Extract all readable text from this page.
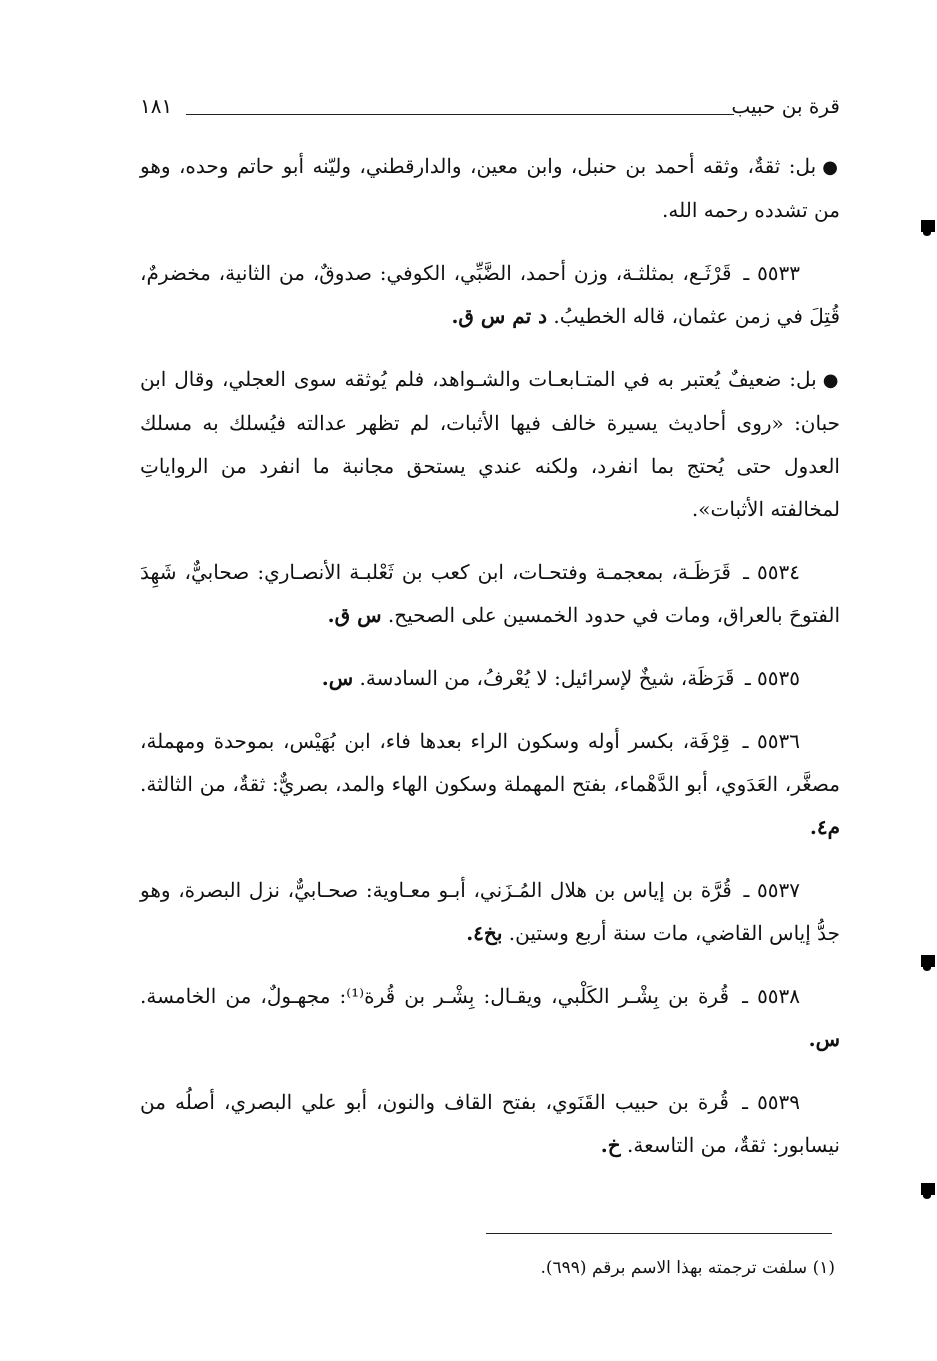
١٨١	قرة بن حبيب

●بل: ثقةٌ، وثقه أحمد بن حنبل، وابن معين، والدارقطني، وليّنه أبو حاتم وحده، وهو من تشدده رحمه الله.

٥٥٣٣ ـ قَرْثَـع، بمثلثـة، وزن أحمد، الضَّبِّي، الكوفي: صدوقٌ، من الثانية، مخضرمٌ، قُتِلَ في زمن عثمان، قاله الخطيبُ. د تم س ق.

●بل: ضعيفٌ يُعتبر به في المتـابعـات والشـواهد، فلم يُوثقه سوى العجلي، وقال ابن حبان: «روى أحاديث يسيرة خالف فيها الأثبات، لم تظهر عدالته فيُسلك به مسلك العدول حتى يُحتج بما انفرد، ولكنه عندي يستحق مجانبة ما انفرد من الرواياتِ لمخالفته الأثبات».

٥٥٣٤ ـ قَرَظَـة، بمعجمـة وفتحـات، ابن كعب بن ثَعْلبـة الأنصـاري: صحابيٌّ، شَهِدَ الفتوحَ بالعراق، ومات في حدود الخمسين على الصحيح. س ق.

٥٥٣٥ ـ قَرَظَة، شيخٌ لإسرائيل: لا يُعْرفُ، من السادسة. س.

٥٥٣٦ ـ قِرْفَة، بكسر أوله وسكون الراء بعدها فاء، ابن بُهَيْس، بموحدة ومهملة، مصغَّر، العَدَوي، أبو الدَّهْماء، بفتح المهملة وسكون الهاء والمد، بصريٌّ: ثقةٌ، من الثالثة. م٤.

٥٥٣٧ ـ قُرَّة بن إياس بن هلال المُـزَني، أبـو معـاوية: صحـابيٌّ، نزل البصرة، وهو جدُّ إياس القاضي، مات سنة أربع وستين. بخ٤.

٥٥٣٨ ـ قُرة بن بِشْـر الكَلْبي، ويقـال: بِشْـر بن قُرة⁽¹⁾: مجهـولٌ، من الخامسة. س.

٥٥٣٩ ـ قُرة بن حبيب القَنَوي، بفتح القاف والنون، أبو علي البصري، أصلُه من نيسابور: ثقةٌ، من التاسعة. خ.

(١) سلفت ترجمته بهذا الاسم برقم (٦٩٩).
